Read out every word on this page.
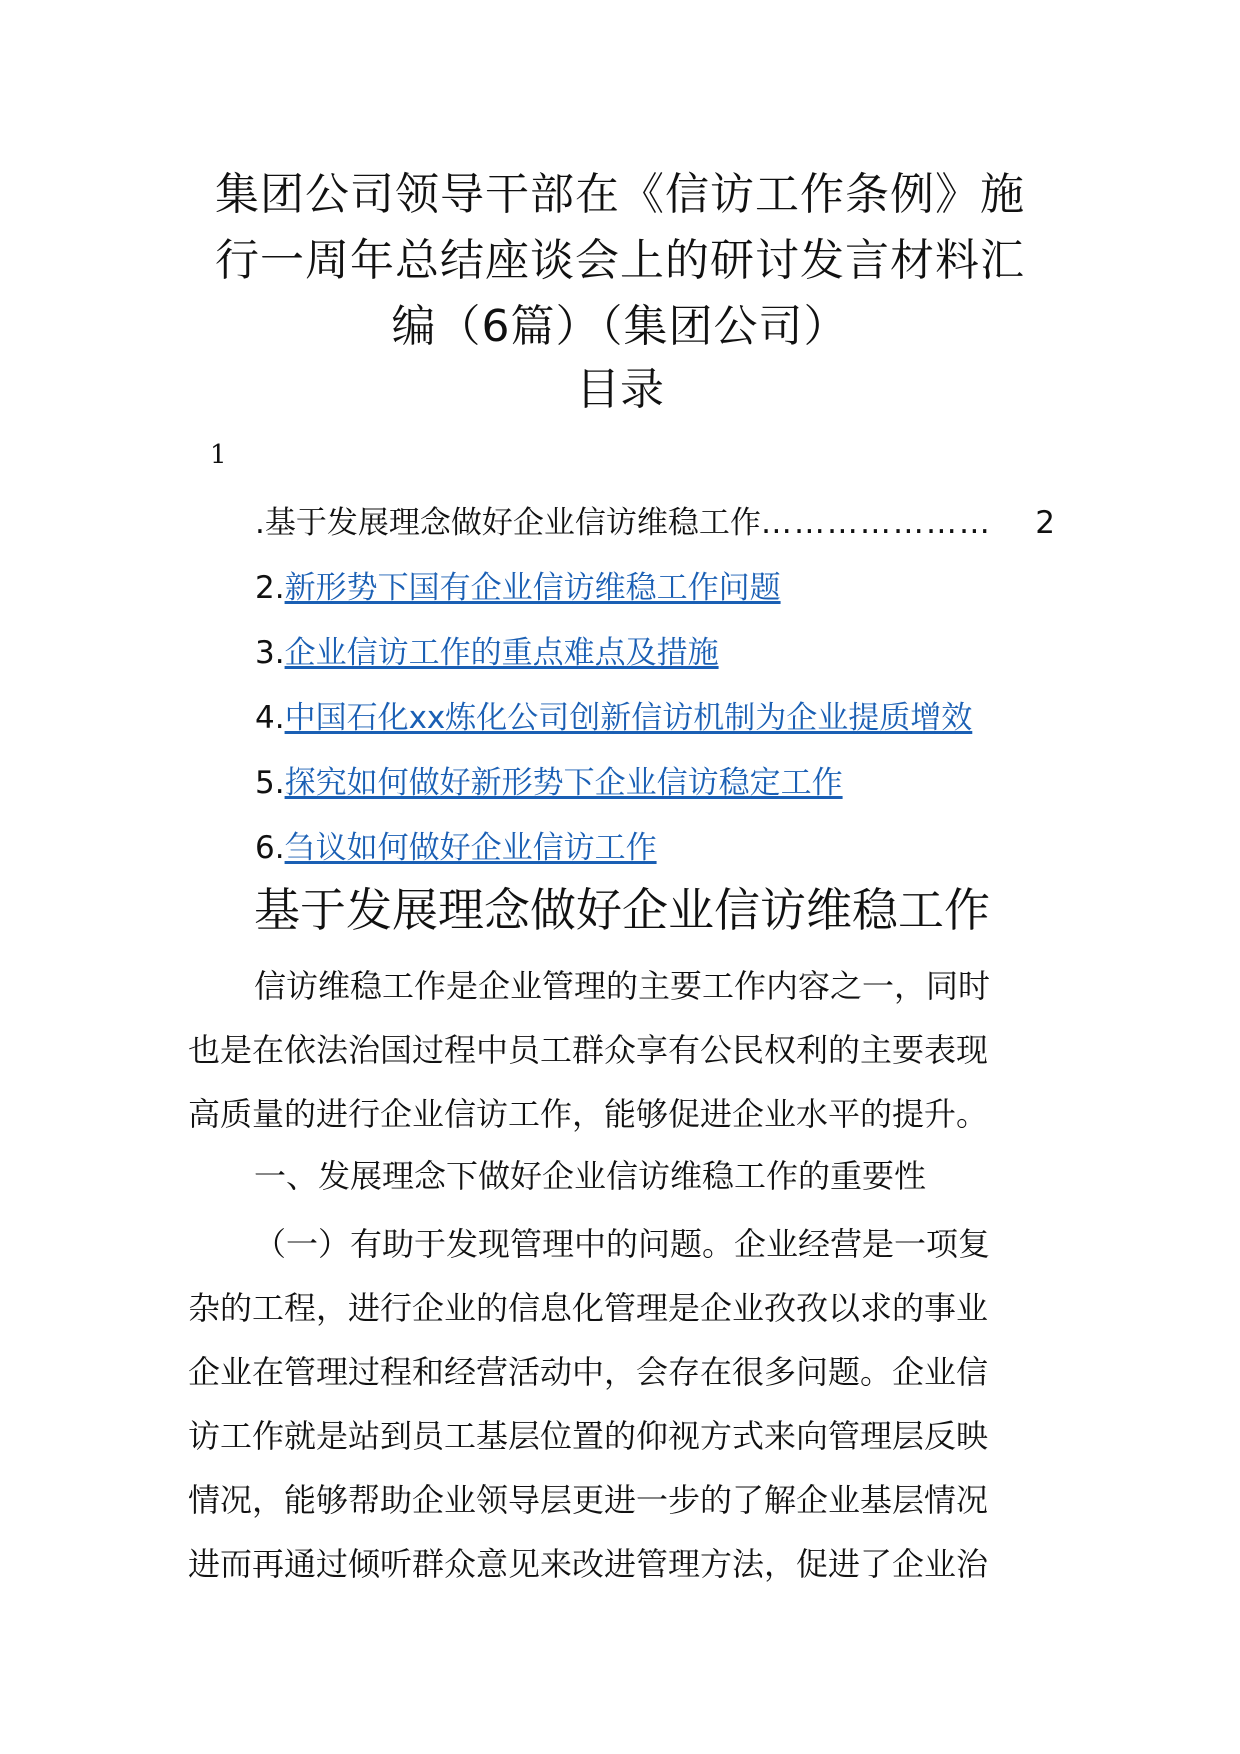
集团公司领导干部在《信访工作条例》施
行一周年总结座谈会上的研讨发言材料汇
编（6篇）（集团公司）
目录
1
.基于发展理念做好企业信访维稳工作 …………………	2
2.新形势下国有企业信访维稳工作问题
3.企业信访工作的重点难点及措施
4.中国石化xx炼化公司创新信访机制为企业提质增效
5.探究如何做好新形势下企业信访稳定工作
6.刍议如何做好企业信访工作
基于发展理念做好企业信访维稳工作

信访维稳工作是企业管理的主要工作内容之一，同时
也是在依法治国过程中员工群众享有公民权利的主要表现
高质量的进行企业信访工作，能够促进企业水平的提升。

一、发展理念下做好企业信访维稳工作的重要性

（一）有助于发现管理中的问题。企业经营是一项复
杂的工程，进行企业的信息化管理是企业孜孜以求的事业
企业在管理过程和经营活动中，会存在很多问题。企业信
访工作就是站到员工基层位置的仰视方式来向管理层反映
情况，能够帮助企业领导层更进一步的了解企业基层情况
进而再通过倾听群众意见来改进管理方法，促进了企业治
